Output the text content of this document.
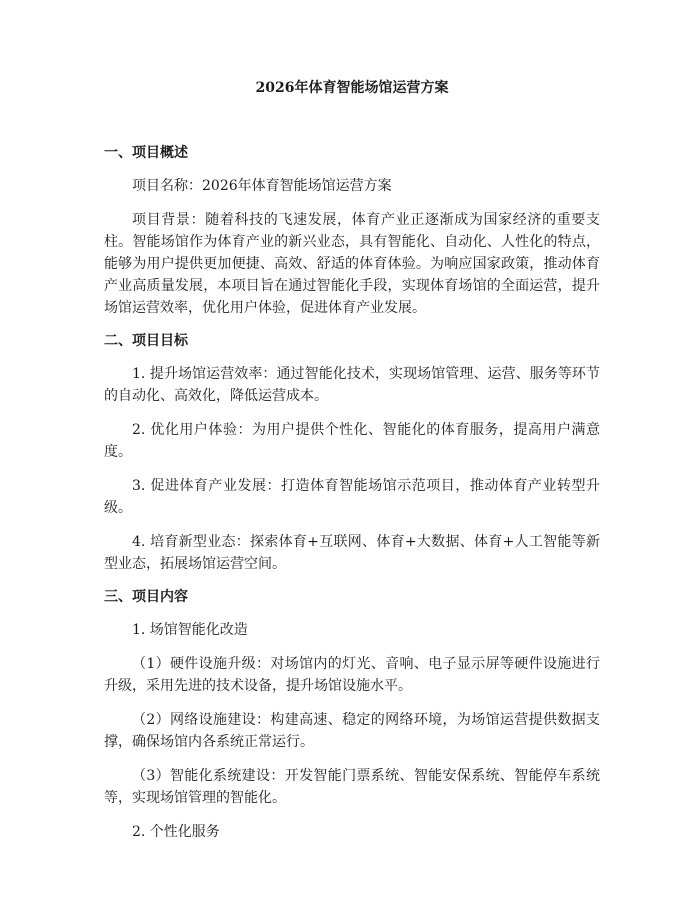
2026年体育智能场馆运营方案
一、项目概述

项目名称：2026年体育智能场馆运营方案

项目背景：随着科技的飞速发展，体育产业正逐渐成为国家经济的重要支柱。智能场馆作为体育产业的新兴业态，具有智能化、自动化、人性化的特点，能够为用户提供更加便捷、高效、舒适的体育体验。为响应国家政策，推动体育产业高质量发展，本项目旨在通过智能化手段，实现体育场馆的全面运营，提升场馆运营效率，优化用户体验，促进体育产业发展。

二、项目目标

1. 提升场馆运营效率：通过智能化技术，实现场馆管理、运营、服务等环节的自动化、高效化，降低运营成本。

2. 优化用户体验：为用户提供个性化、智能化的体育服务，提高用户满意度。

3. 促进体育产业发展：打造体育智能场馆示范项目，推动体育产业转型升级。

4. 培育新型业态：探索体育+互联网、体育+大数据、体育+人工智能等新型业态，拓展场馆运营空间。

三、项目内容

1. 场馆智能化改造

（1）硬件设施升级：对场馆内的灯光、音响、电子显示屏等硬件设施进行升级，采用先进的技术设备，提升场馆设施水平。

（2）网络设施建设：构建高速、稳定的网络环境，为场馆运营提供数据支撑，确保场馆内各系统正常运行。

（3）智能化系统建设：开发智能门票系统、智能安保系统、智能停车系统等，实现场馆管理的智能化。

2. 个性化服务
